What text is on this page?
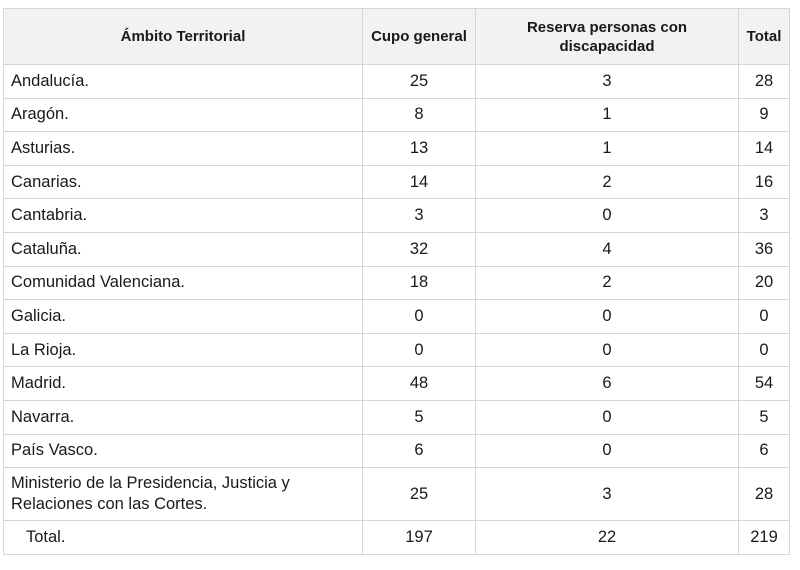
Ámbito Territorial	Cupo general	Reserva personas con discapacidad	Total
Andalucía.	25	3	28
Aragón.	8	1	9
Asturias.	13	1	14
Canarias.	14	2	16
Cantabria.	3	0	3
Cataluña.	32	4	36
Comunidad Valenciana.	18	2	20
Galicia.	0	0	0
La Rioja.	0	0	0
Madrid.	48	6	54
Navarra.	5	0	5
País Vasco.	6	0	6
Ministerio de la Presidencia, Justicia y Relaciones con las Cortes.	25	3	28
Total.	197	22	219
